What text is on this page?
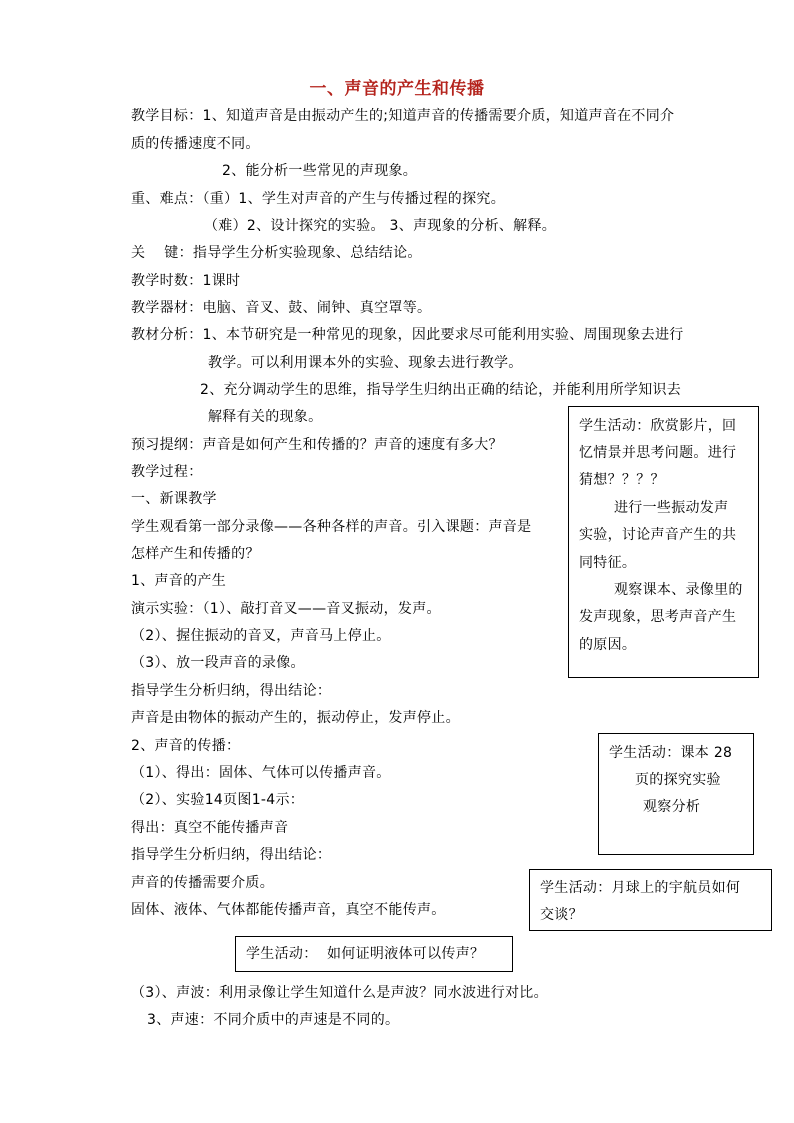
一、声音的产生和传播
教学目标：1、知道声音是由振动产生的;知道声音的传播需要介质，知道声音在不同介
质的传播速度不同。
2、能分析一些常见的声现象。
重、难点：（重）1、学生对声音的产生与传播过程的探究。
（难）2、设计探究的实验。 3、声现象的分析、解释。
关    键：指导学生分析实验现象、总结结论。
教学时数：1课时
教学器材：电脑、音叉、鼓、闹钟、真空罩等。
教材分析：1、本节研究是一种常见的现象，因此要求尽可能利用实验、周围现象去进行
教学。可以利用课本外的实验、现象去进行教学。
2、充分调动学生的思维，指导学生归纳出正确的结论，并能利用所学知识去
解释有关的现象。
预习提纲：声音是如何产生和传播的？声音的速度有多大？
教学过程：
一、新课教学
学生观看第一部分录像——各种各样的声音。引入课题：声音是
怎样产生和传播的？
1、声音的产生
演示实验：（1）、敲打音叉——音叉振动，发声。
（2）、握住振动的音叉，声音马上停止。
（3）、放一段声音的录像。
指导学生分析归纳，得出结论：
声音是由物体的振动产生的，振动停止，发声停止。
2、声音的传播：
（1）、得出：固体、气体可以传播声音。
（2）、实验14页图1-4示：
得出：真空不能传播声音
指导学生分析归纳，得出结论：
声音的传播需要介质。
固体、液体、气体都能传播声音，真空不能传声。
（3）、声波：利用录像让学生知道什么是声波？同水波进行对比。
3、声速：不同介质中的声速是不同的。
学生活动：欣赏影片，回
忆情景并思考问题。进行
猜想？？？？
进行一些振动发声
实验，讨论声音产生的共
同特征。
观察课本、录像里的
发声现象，思考声音产生
的原因。
学生活动：课本 28
页的探究实验
观察分析
学生活动：月球上的宇航员如何
交谈？
学生活动：  如何证明液体可以传声？
